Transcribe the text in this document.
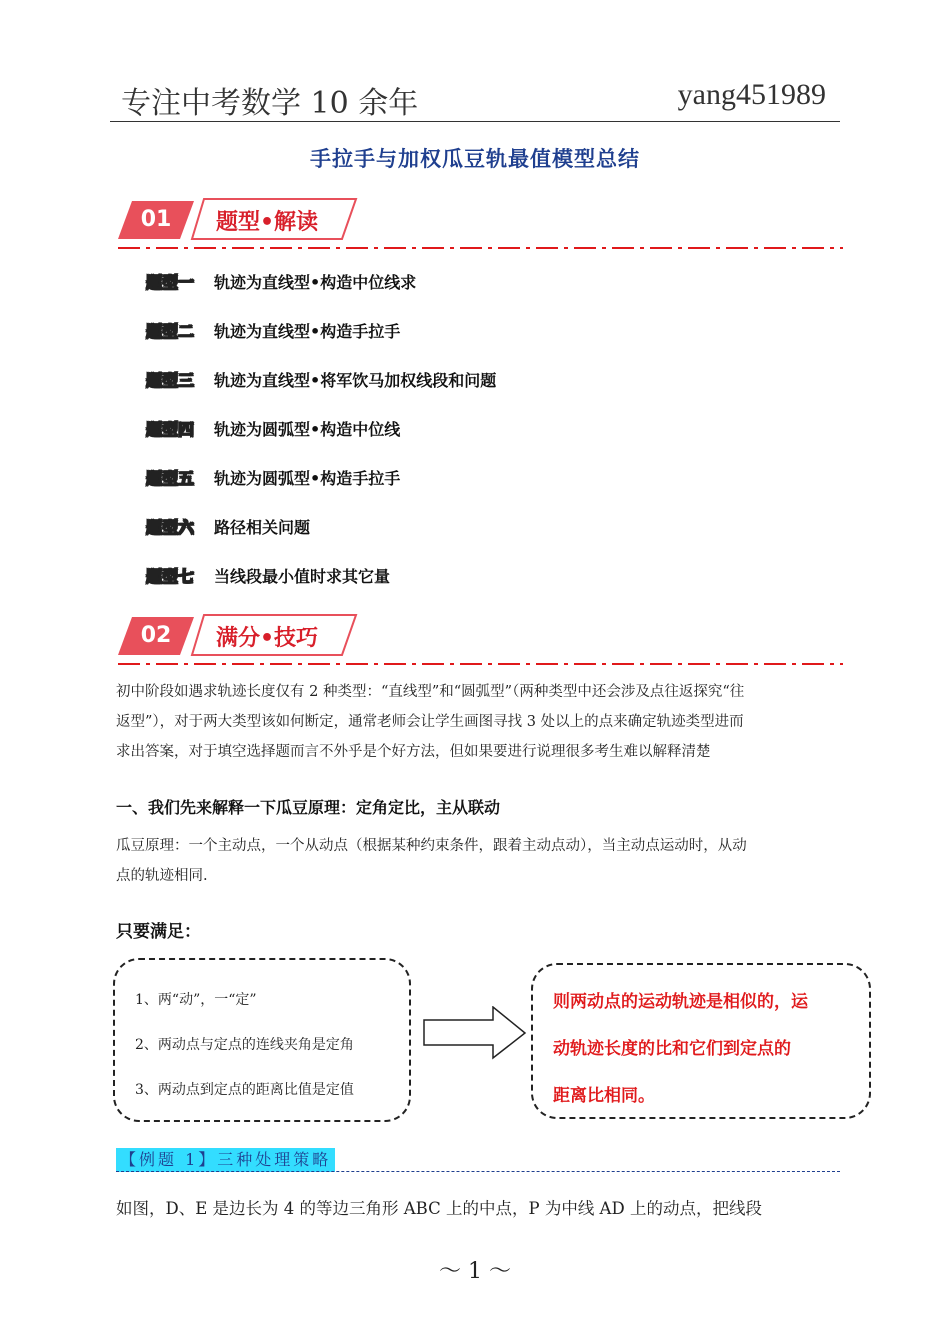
专注中考数学 10 余年	yang451989
手拉手与加权瓜豆轨最值模型总结
01 题型•解读
题型一 轨迹为直线型•构造中位线求
题型二 轨迹为直线型•构造手拉手
题型三 轨迹为直线型•将军饮马加权线段和问题
题型四 轨迹为圆弧型•构造中位线
题型五 轨迹为圆弧型•构造手拉手
题型六 路径相关问题
题型七 当线段最小值时求其它量
02 满分•技巧
初中阶段如遇求轨迹长度仅有 2 种类型：“直线型”和“圆弧型”（两种类型中还会涉及点往返探究“往
返型”），对于两大类型该如何断定，通常老师会让学生画图寻找 3 处以上的点来确定轨迹类型进而
求出答案，对于填空选择题而言不外乎是个好方法，但如果要进行说理很多考生难以解释清楚
一、我们先来解释一下瓜豆原理：定角定比，主从联动
瓜豆原理：一个主动点，一个从动点（根据某种约束条件，跟着主动点动），当主动点运动时，从动
点的轨迹相同.
只要满足：
1、两“动”，一“定”
2、两动点与定点的连线夹角是定角
3、两动点到定点的距离比值是定值
则两动点的运动轨迹是相似的，运
动轨迹长度的比和它们到定点的
距离比相同。
【例题 1】三种处理策略
如图，D、E 是边长为 4 的等边三角形 ABC 上的中点，P 为中线 AD 上的动点，把线段
～ 1 ～
